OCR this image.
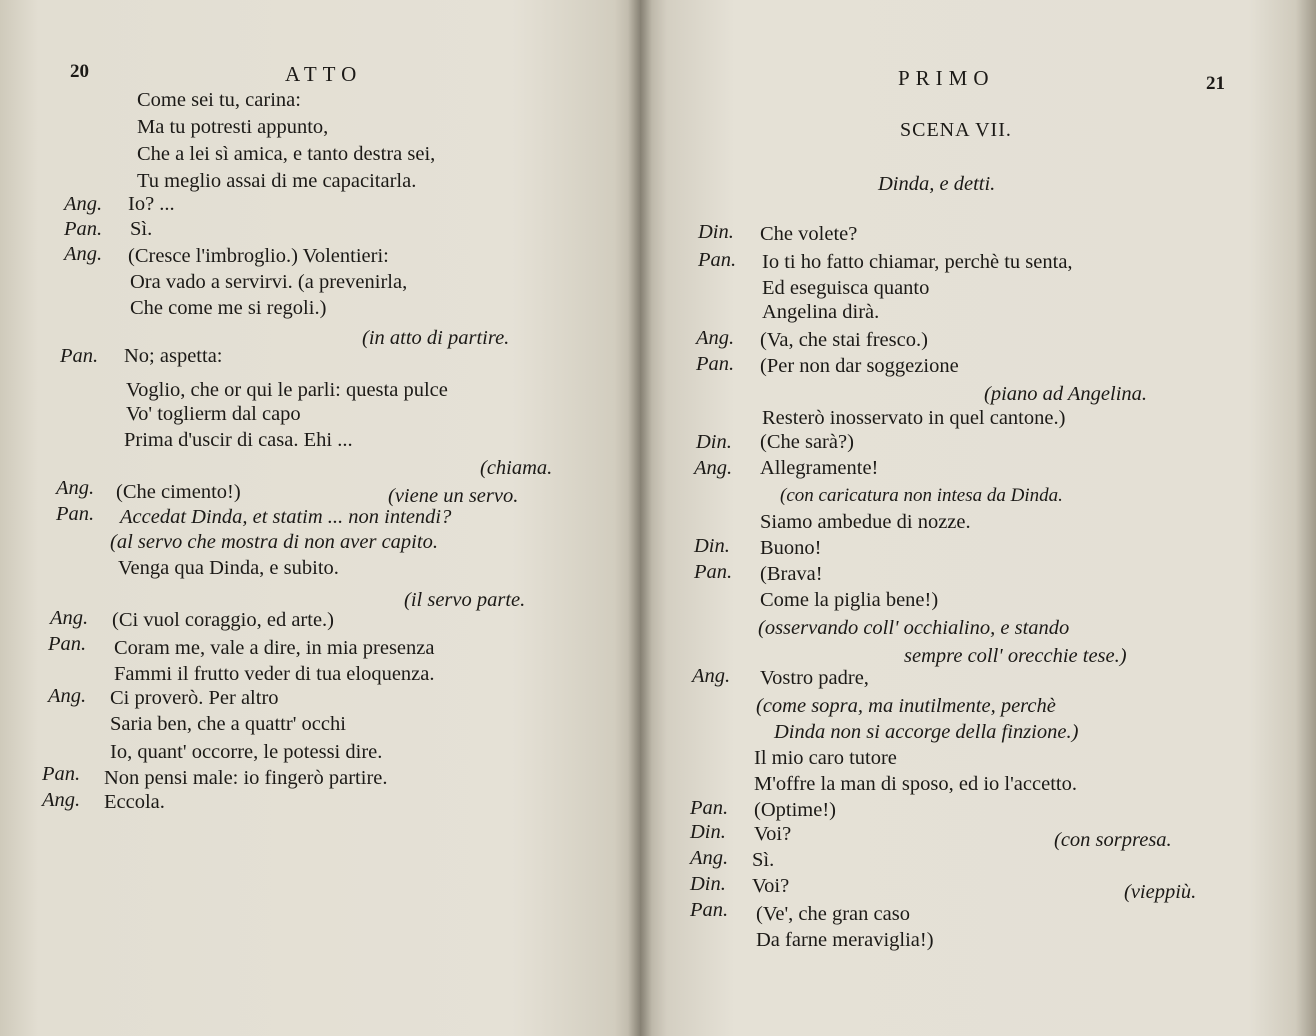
20	ATTO
Come sei tu, carina:
Ma tu potresti appunto,
Che a lei sì amica, e tanto destra sei,
Tu meglio assai di me capacitarla.
Ang. Io? ...
Pan. Sì.
Ang. (Cresce l'imbroglio.) Volentieri:
Ora vado a servirvi. (a prevenirla,
Che come me si regoli.)
(in atto di partire.
Pan. No; aspetta:
Voglio, che or qui le parli: questa pulce
Vo' toglierm dal capo
Prima d'uscir di casa. Ehi ...
(chiama.
Ang. (Che cimento!)	(viene un servo.
Pan. Accedat Dinda, et statim ... non intendi?
(al servo che mostra di non aver capito.
Venga qua Dinda, e subito.
(il servo parte.
Ang. (Ci vuol coraggio, ed arte.)
Pan. Coram me, vale a dire, in mia presenza
Fammi il frutto veder di tua eloquenza.
Ang. Ci proverò. Per altro
Saria ben, che a quattr' occhi
Io, quant' occorre, le potessi dire.
Pan. Non pensi male: io fingerò partire.
Ang. Eccola.
PRIMO	21
SCENA VII.
Dinda, e detti.
Din. Che volete?
Pan. Io ti ho fatto chiamar, perchè tu senta,
Ed eseguisca quanto
Angelina dirà.
Ang. (Va, che stai fresco.)
Pan. (Per non dar soggezione
(piano ad Angelina.
Resterò inosservato in quel cantone.)
Din. (Che sarà?)
Ang. Allegramente!
(con caricatura non intesa da Dinda.
Siamo ambedue di nozze.
Din. Buono!
Pan. (Brava!
Come la piglia bene!)
(osservando coll' occhialino, e stando
sempre coll' orecchie tese.)
Ang. Vostro padre,
(come sopra, ma inutilmente, perchè
Dinda non si accorge della finzione.)
Il mio caro tutore
M'offre la man di sposo, ed io l'accetto.
Pan. (Optime!)
Din. Voi?	(con sorpresa.
Ang. Sì.
Din. Voi?	(vieppiù.
Pan. (Ve', che gran caso
Da farne meraviglia!)
